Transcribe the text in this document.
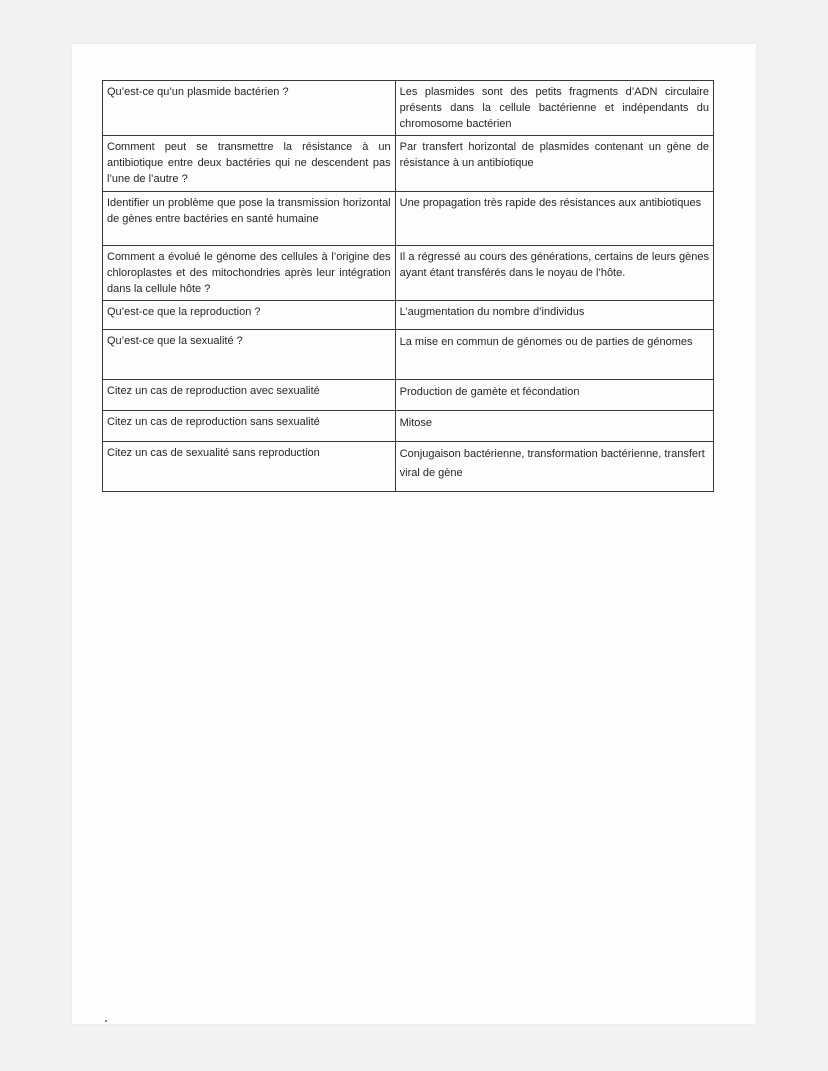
Qu’est-ce qu’un plasmide bactérien ?	Les plasmides sont des petits fragments d’ADN circulaire présents dans la cellule bactérienne et indépendants du chromosome bactérien
Comment peut se transmettre la résistance à un antibiotique entre deux bactéries qui ne descendent pas l’une de l’autre ?	Par transfert horizontal de plasmides contenant un gène de résistance à un antibiotique
Identifier un problème que pose la transmission horizontal de gènes entre bactéries en santé humaine	Une propagation très rapide des résistances aux antibiotiques
Comment a évolué le génome des cellules à l’origine des chloroplastes et des mitochondries après leur intégration dans la cellule hôte ?	Il a régressé au cours des générations, certains de leurs gènes ayant étant transférés dans le noyau de l’hôte.
Qu’est-ce que la reproduction ?	L’augmentation du nombre d’individus
Qu’est-ce que la sexualité ?	La mise en commun de génomes ou de parties de génomes
Citez un cas de reproduction avec sexualité	Production de gamète et fécondation
Citez un cas de reproduction sans sexualité	Mitose
Citez un cas de sexualité sans reproduction	Conjugaison bactérienne, transformation bactérienne, transfert viral de gène
